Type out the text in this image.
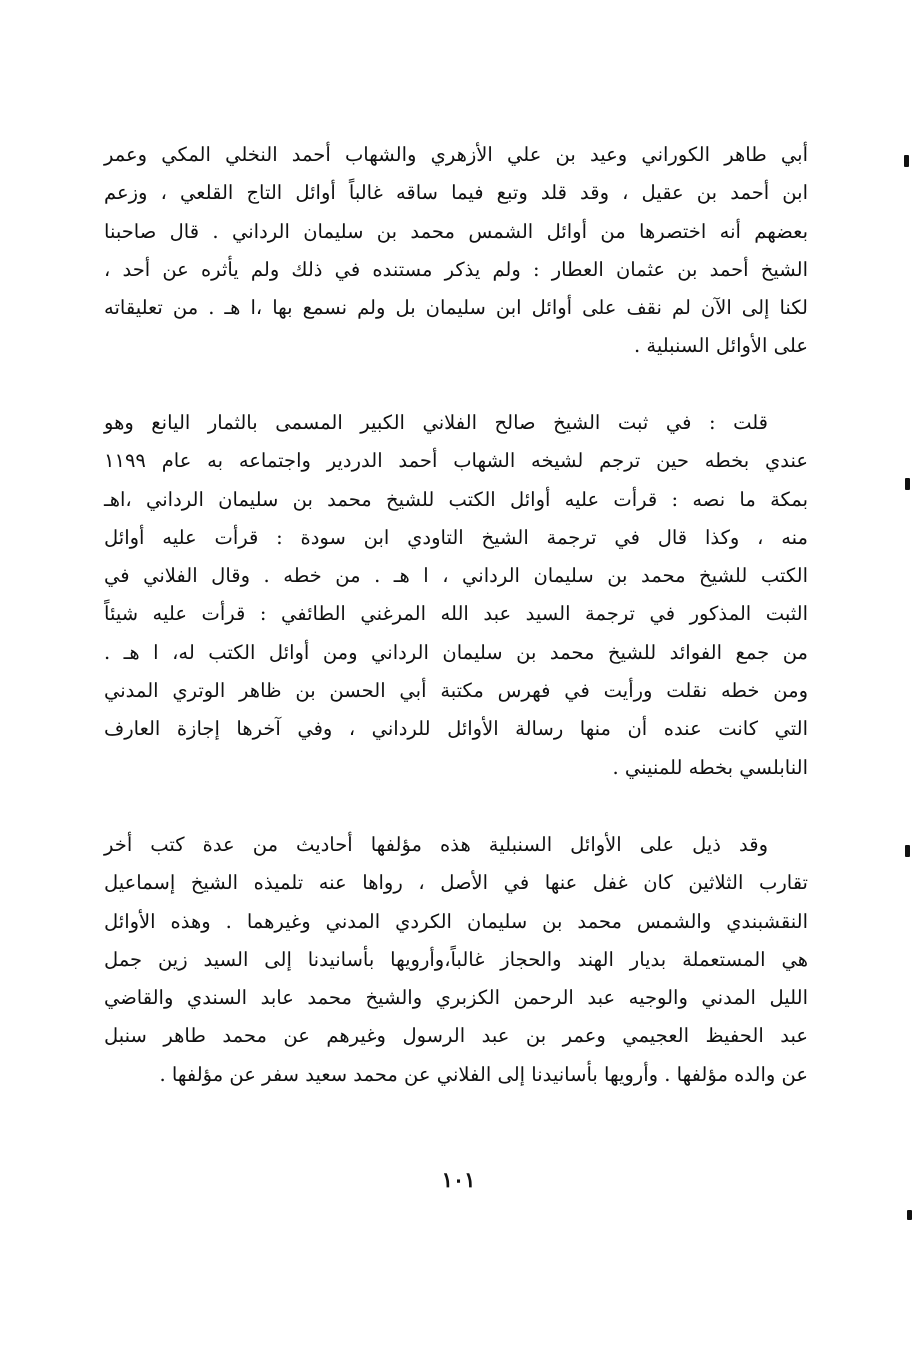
أبي طاهر الكوراني وعيد بن علي الأزهري والشهاب أحمد النخلي المكي وعمر
ابن أحمد بن عقيل ، وقد قلد وتبع فيما ساقه غالباً أوائل التاج القلعي ، وزعم
بعضهم أنه اختصرها من أوائل الشمس محمد بن سليمان الرداني . قال صاحبنا
الشيخ أحمد بن عثمان العطار : ولم يذكر مستنده في ذلك ولم يأثره عن أحد ،
لكنا إلى الآن لم نقف على أوائل ابن سليمان بل ولم نسمع بها ،ا هـ . من تعليقاته
على الأوائل السنبلية .
قلت : في ثبت الشيخ صالح الفلاني الكبير المسمى بالثمار اليانع وهو
عندي بخطه حين ترجم لشيخه الشهاب أحمد الدردير واجتماعه به عام ١١٩٩
بمكة ما نصه : قرأت عليه أوائل الكتب للشيخ محمد بن سليمان الرداني ،اهـ
منه ، وكذا قال في ترجمة الشيخ التاودي ابن سودة : قرأت عليه أوائل
الكتب للشيخ محمد بن سليمان الرداني ، ا هـ . من خطه . وقال الفلاني في
الثبت المذكور في ترجمة السيد عبد الله المرغني الطائفي : قرأت عليه شيئاً
من جمع الفوائد للشيخ محمد بن سليمان الرداني ومن أوائل الكتب له، ا هـ .
ومن خطه نقلت ورأيت في فهرس مكتبة أبي الحسن بن ظاهر الوتري المدني
التي كانت عنده أن منها رسالة الأوائل للرداني ، وفي آخرها إجازة العارف
النابلسي بخطه للمنيني .
وقد ذيل على الأوائل السنبلية هذه مؤلفها أحاديث من عدة كتب أخر
تقارب الثلاثين كان غفل عنها في الأصل ، رواها عنه تلميذه الشيخ إسماعيل
النقشبندي والشمس محمد بن سليمان الكردي المدني وغيرهما . وهذه الأوائل
هي المستعملة بديار الهند والحجاز غالباً،وأرويها بأسانيدنا إلى السيد زين جمل
الليل المدني والوجيه عبد الرحمن الكزبري والشيخ محمد عابد السندي والقاضي
عبد الحفيظ العجيمي وعمر بن عبد الرسول وغيرهم عن محمد طاهر سنبل
عن والده مؤلفها . وأرويها بأسانيدنا إلى الفلاني عن محمد سعيد سفر عن مؤلفها .
١٠١
